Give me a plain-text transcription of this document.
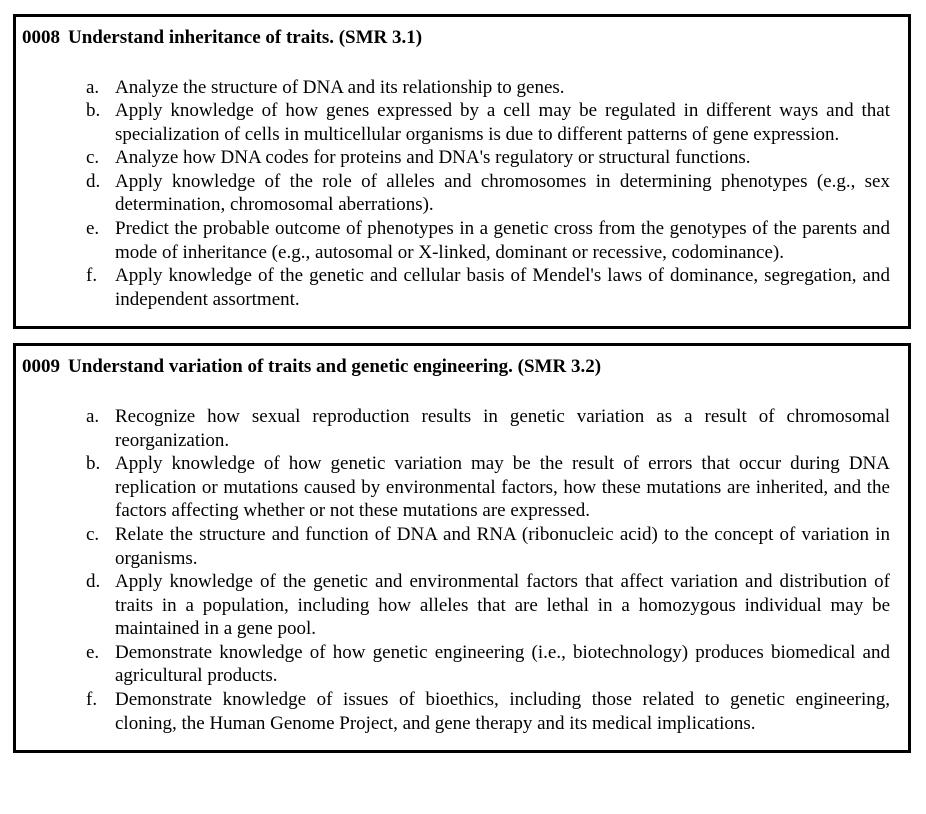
0008 Understand inheritance of traits. (SMR 3.1)
a. Analyze the structure of DNA and its relationship to genes.
b. Apply knowledge of how genes expressed by a cell may be regulated in different ways and that specialization of cells in multicellular organisms is due to different patterns of gene expression.
c. Analyze how DNA codes for proteins and DNA's regulatory or structural functions.
d. Apply knowledge of the role of alleles and chromosomes in determining phenotypes (e.g., sex determination, chromosomal aberrations).
e. Predict the probable outcome of phenotypes in a genetic cross from the genotypes of the parents and mode of inheritance (e.g., autosomal or X-linked, dominant or recessive, codominance).
f. Apply knowledge of the genetic and cellular basis of Mendel's laws of dominance, segregation, and independent assortment.
0009 Understand variation of traits and genetic engineering. (SMR 3.2)
a. Recognize how sexual reproduction results in genetic variation as a result of chromosomal reorganization.
b. Apply knowledge of how genetic variation may be the result of errors that occur during DNA replication or mutations caused by environmental factors, how these mutations are inherited, and the factors affecting whether or not these mutations are expressed.
c. Relate the structure and function of DNA and RNA (ribonucleic acid) to the concept of variation in organisms.
d. Apply knowledge of the genetic and environmental factors that affect variation and distribution of traits in a population, including how alleles that are lethal in a homozygous individual may be maintained in a gene pool.
e. Demonstrate knowledge of how genetic engineering (i.e., biotechnology) produces biomedical and agricultural products.
f. Demonstrate knowledge of issues of bioethics, including those related to genetic engineering, cloning, the Human Genome Project, and gene therapy and its medical implications.
